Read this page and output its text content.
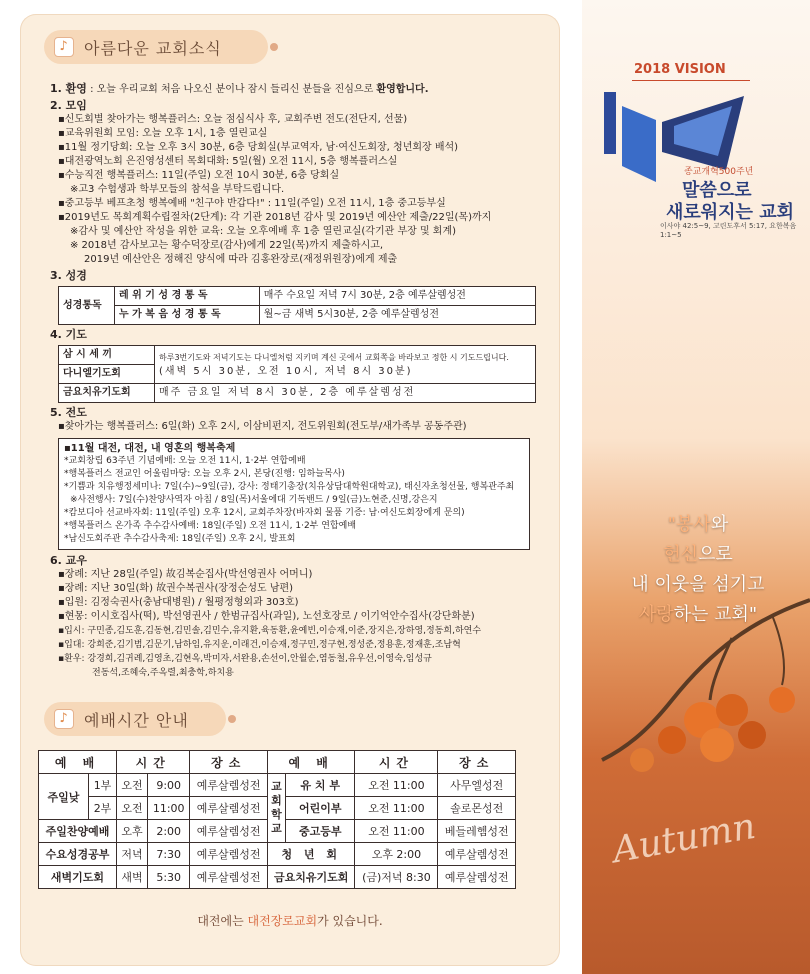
♪ 아름다운 교회소식
♪ 예배시간 안내
1. 환영 : 오늘 우리교회 처음 나오신 분이나 잠시 들리신 분들을 진심으로 환영합니다.
2. 모임
▪신도회별 찾아가는 행복플러스: 오늘 점심식사 후, 교회주변 전도(전단지, 선물)
▪교육위원회 모임: 오늘 오후 1시, 1층 열린교실
▪11월 정기당회: 오늘 오후 3시 30분, 6층 당회실(부교역자, 남·여신도회장, 청년회장 배석)
▪대전광역노회 은진영성센터 목회대화: 5일(월) 오전 11시, 5층 행복플러스실
▪수능직전 행복플러스: 11일(주일) 오전 10시 30분, 6층 당회실
※고3 수험생과 학부모들의 참석을 부탁드립니다.
▪중고등부 베프초청 행복예배 "친구야 반갑다!" : 11일(주일) 오전 11시, 1층 중고등부실
▪2019년도 목회계획수립절차(2단계): 각 기관 2018년 감사 및 2019년 예산안 제출/22일(목)까지
※감사 및 예산안 작성을 위한 교육: 오늘 오후예배 후 1층 열린교실(각기관 부장 및 회계)
※ 2018년 감사보고는 황수덕장로(감사)에게 22일(목)까지 제출하시고,
2019년 예산안은 정해진 양식에 따라 김홍완장로(재정위원장)에게 제출
3. 성경
성경통독	레 위 기 성 경 통 독	매주 수요일 저녁 7시 30분, 2층 예루살렘성전
	누 가 복 음 성 경 통 독	월~금 새벽 5시30분, 2층 예루살렘성전
4. 기도
삼 시 세 끼	하루3번기도와 저녁기도는 다니엘처럼 지키며 계신 곳에서 교회쪽을 바라보고 정한 시 기도드립니다.
(새벽 5시 30분, 오전 10시, 저녁 8시 30분)

다니엘기도회	
금요치유기도회	매주 금요일 저녁 8시 30분, 2층 예루살렘성전
5. 전도
▪찾아가는 행복플러스: 6일(화) 오후 2시, 이삼비펀지, 전도위원회(전도부/새가족부 공동주관)
▪11월 대전, 대전, 내 영혼의 행복축제
*교회창립 63주년 기념예배: 오늘 오전 11시, 1·2부 연합예배
*행복플러스 전교인 어울림마당: 오늘 오후 2시, 본당(진행: 임하늘목사)
*기쁨과 치유행정세미나: 7일(수)~9일(금), 강사: 정태기총장(치유상담대학원대학교), 태신자초청선물, 행복관주최
※사전행사: 7일(수)찬양사역자 아침 / 8일(목)서울에대 기독밴드 / 9일(금)노현준,신명,강은지
*캄보디아 선교바자회: 11일(주일) 오후 12시, 교회주차장(바자회 물품 기증: 남·여신도회장에게 문의)
*행복플러스 온가족 추수감사예배: 18일(주일) 오전 11시, 1·2부 연합예배
*남신도회주관 추수감사축제: 18일(주일) 오후 2시, 발표회
6. 교우
▪장례: 지난 28일(주일) 故김복순집사(박선영권사 어머니)
▪장례: 지난 30일(화) 故권수복권사(장정순성도 남편)
▪입원: 김정숙권사(충남대병원) / 월평정형외과 303호)
▪현몽: 이시호집사(떡), 박선영권사 / 한범규집사(과일), 노선호장로 / 이기억안수집사(강단화분)
▪입시: 구민종,김도훈,김동현,김민솔,김민수,유지환,육동환,윤예빈,이승재,이준,장지은,장하영,정동희,하연수
▪입대: 강희준,김기범,김문기,남하임,유지운,이래건,이승재,정구민,정구현,정성준,정용훈,정재훈,조남혁
▪환우: 강경희,김귀례,김영초,김현옥,박미자,서완용,손선이,안월순,염동철,유우선,이영숙,임성규
전동석,조혜숙,주옥렬,최충학,하치용
예 배		시간		장소	예 배		시간	장소
주일낮	1부	오전	9:00	예루살렘성전	교회학교	유 치 부	오전 11:00	사무엘성전
	2부	오전	11:00	예루살렘성전		어린이부	오전 11:00	솔로몬성전
주일찬양예배		오후	2:00	예루살렘성전		중고등부	오전 11:00	베들레헴성전
수요성경공부		저녁	7:30	예루살렘성전	청 년 회		오후 2:00	예루살렘성전
새벽기도회		새벽	5:30	예루살렘성전	금요치유기도회		(금)저녁 8:30	예루살렘성전
대전에는 대전장로교회가 있습니다.
2018 VISION
종교개혁500주년
말씀으로
새로워지는 교회
이사야 42:5~9, 고린도후서 5:17, 요한복음 1:1~5
"봉사와
헌신으로
내 이웃을 섬기고
사랑하는 교회"
Autumn
